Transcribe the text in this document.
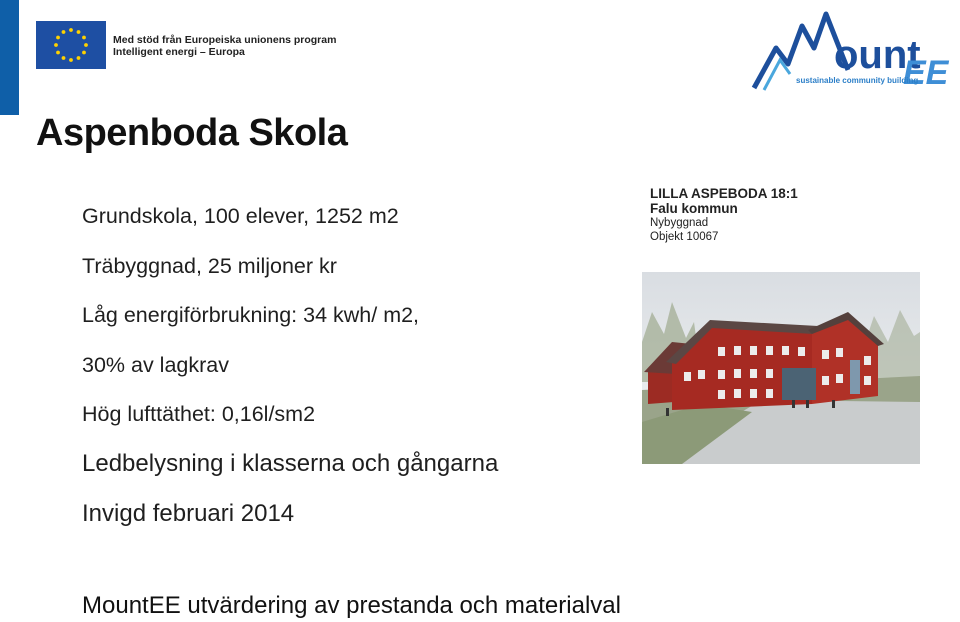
Med stöd från Europeiska unionens program
Intelligent energi – Europa	ount
EE
sustainable community building
Aspenboda Skola
Grundskola, 100 elever, 1252 m2
Träbyggnad, 25 miljoner kr
Låg energiförbrukning: 34 kwh/ m2,
30% av lagkrav
Hög lufttäthet: 0,16l/sm2
Ledbelysning i klasserna och gångarna
Invigd februari 2014
LILLA ASPEBODA 18:1
Falu kommun
Nybyggnad
Objekt 10067
MountEE utvärdering av prestanda och materialval
